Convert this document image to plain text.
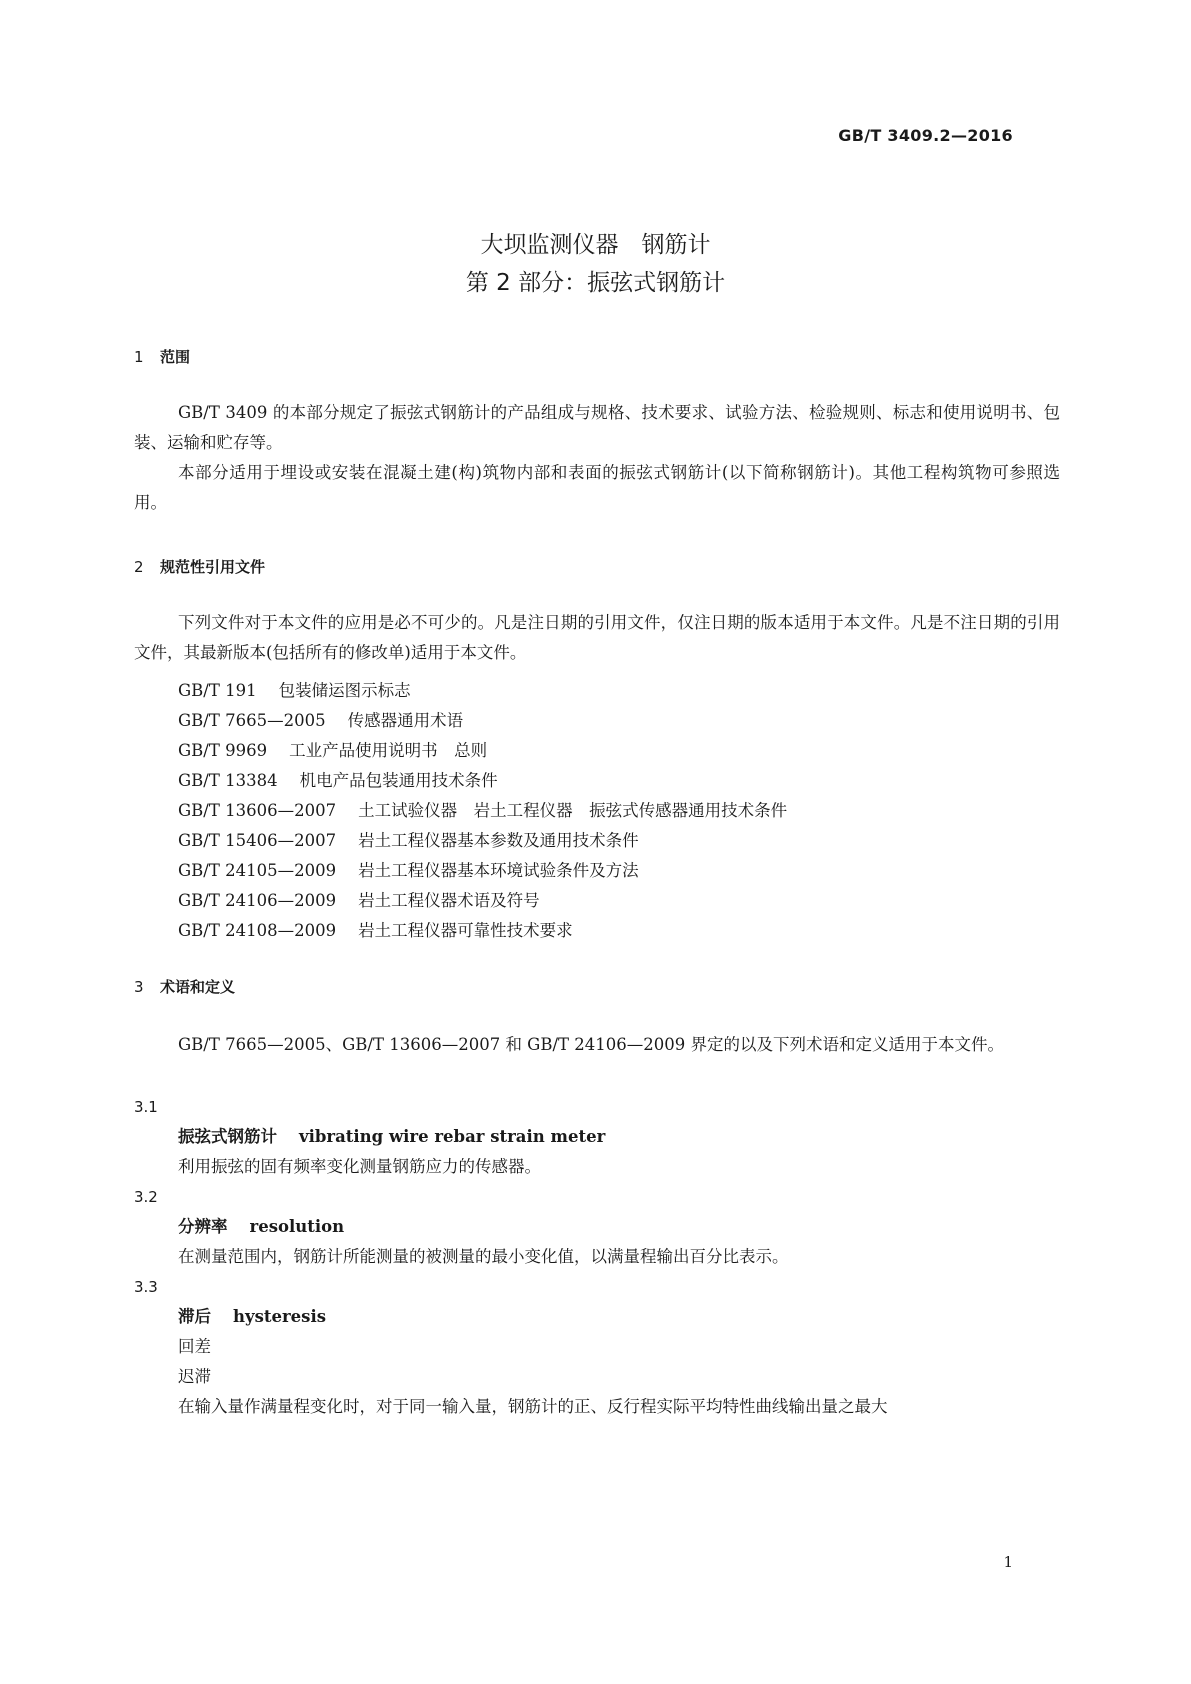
GB/T 3409.2—2016
大坝监测仪器　钢筋计
第 2 部分：振弦式钢筋计
1 范围
GB/T 3409 的本部分规定了振弦式钢筋计的产品组成与规格、技术要求、试验方法、检验规则、标志和使用说明书、包装、运输和贮存等。
本部分适用于埋设或安装在混凝土建(构)筑物内部和表面的振弦式钢筋计(以下简称钢筋计)。其他工程构筑物可参照选用。
2 规范性引用文件
下列文件对于本文件的应用是必不可少的。凡是注日期的引用文件，仅注日期的版本适用于本文件。凡是不注日期的引用文件，其最新版本(包括所有的修改单)适用于本文件。
GB/T 191 包装储运图示标志
GB/T 7665—2005 传感器通用术语
GB/T 9969 工业产品使用说明书　总则
GB/T 13384 机电产品包装通用技术条件
GB/T 13606—2007 土工试验仪器　岩土工程仪器　振弦式传感器通用技术条件
GB/T 15406—2007 岩土工程仪器基本参数及通用技术条件
GB/T 24105—2009 岩土工程仪器基本环境试验条件及方法
GB/T 24106—2009 岩土工程仪器术语及符号
GB/T 24108—2009 岩土工程仪器可靠性技术要求
3 术语和定义
GB/T 7665—2005、GB/T 13606—2007 和 GB/T 24106—2009 界定的以及下列术语和定义适用于本文件。
3.1
振弦式钢筋计 vibrating wire rebar strain meter
利用振弦的固有频率变化测量钢筋应力的传感器。
3.2
分辨率 resolution
在测量范围内，钢筋计所能测量的被测量的最小变化值，以满量程输出百分比表示。
3.3
滞后 hysteresis
回差
迟滞
在输入量作满量程变化时，对于同一输入量，钢筋计的正、反行程实际平均特性曲线输出量之最大
1
